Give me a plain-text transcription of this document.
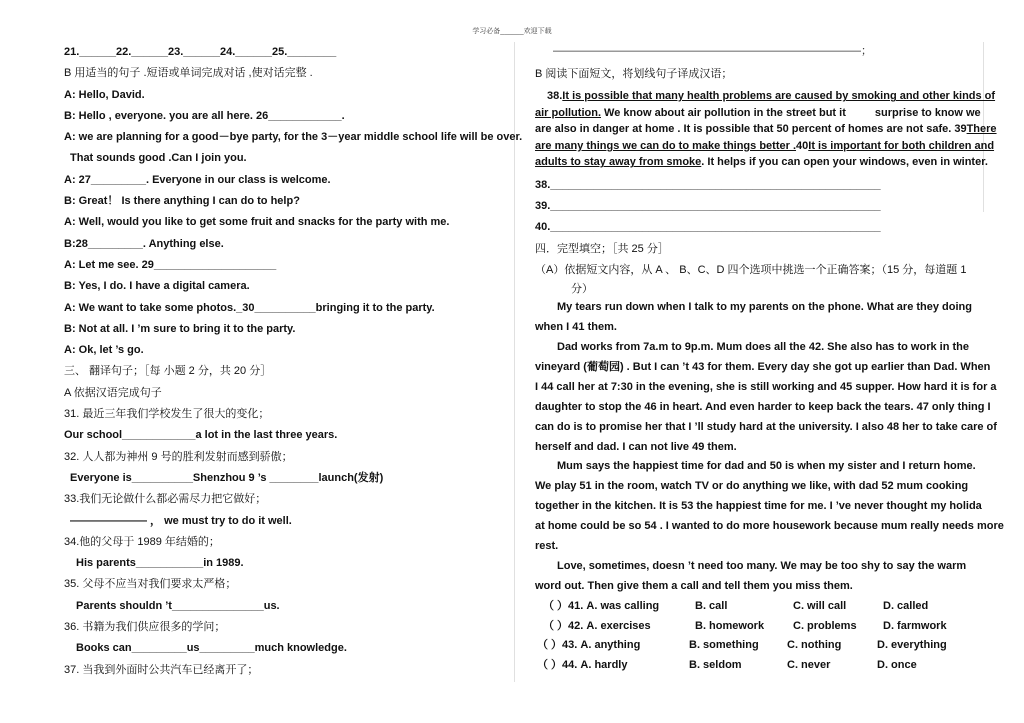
学习必备______欢迎下载
21.______22.______23.______24.______25.________
B 用适当的句子 .短语或单词完成对话 ,使对话完整 .
A: Hello, David.
B: Hello , everyone. you are all here. 26____________.
A: we are planning for a good－bye party, for the 3－year middle school life will be over.
That sounds good .Can I join you.
A: 27_________. Everyone in our class is welcome.
B: Great！ Is there anything I can do to help?
A: Well, would you like to get some fruit and snacks for the party with me.
B:28_________. Anything else.
A: Let me see. 29____________________
B: Yes, I do. I have a digital camera.
A: We want to take some photos._30__________bringing it to the party.
B: Not at all. I ’m sure to bring it to the party.
A: Ok, let ’s go.
三、 翻译句子；［每 小题 2 分，共 20 分］
A 依据汉语完成句子
31. 最近三年我们学校发生了很大的变化；
Our school____________a lot in the last three years.
32. 人人都为神州 9 号的胜利发射而感到骄傲；
Everyone is__________Shenzhou 9 ’s ________launch(发射)
33.我们无论做什么都必需尽力把它做好；
——————— ， we must try to do it well.
34.他的父母于 1989 年结婚的；
His parents___________in 1989.
35. 父母不应当对我们要求太严格；
Parents shouldn ’t_______________us.
36. 书籍为我们供应很多的学问；
Books can_________us_________much knowledge.
37. 当我到外面时公共汽车已经离开了；
————————————————————————————；
B 阅读下面短文，将划线句子译成汉语；
38.It is possible that many health problems are caused by smoking and other kinds of
air pollution. We know about air pollution in the street but it surprise to know we
are also in danger at home . It is possible that 50 percent of homes are not safe. 39There
are many things we can do to make things better .40It is important for both children and
adults to stay away from smoke. It helps if you can open your windows, even in winter.
38.______________________________________________________
39.______________________________________________________
40.______________________________________________________
四．完型填空；［共 25 分］
（A）依据短文内容，从 A 、 B、C、D 四个选项中挑选一个正确答案；（15 分，每道题 1
分）
My tears run down when I talk to my parents on the phone. What are they doing
when I 41 them.
Dad works from 7a.m to 9p.m. Mum does all the 42. She also has to work in the
vineyard (葡萄园) . But I can ’t 43 for them. Every day she got up earlier than Dad. When
I 44 call her at 7:30 in the evening, she is still working and 45 supper. How hard it is for a
daughter to stop the 46 in heart. And even harder to keep back the tears. 47 only thing I
can do is to promise her that I ’ll study hard at the university. I also 48 her to take care of
herself and dad. I can not live 49 them.
Mum says the happiest time for dad and 50 is when my sister and I return home.
We play 51 in the room, watch TV or do anything we like, with dad 52 mum cooking
together in the kitchen. It is 53 the happiest time for me. I ’ve never thought my holida
at home could be so 54 . I wanted to do more housework because mum really needs more
rest.
Love, sometimes, doesn ’t need too many. We may be too shy to say the warm
word out. Then give them a call and tell them you miss them.
（ ）41. A. was calling	B. call	C. will call	D. called
（ ）42. A. exercises	B. homework	C. problems D. farmwork
（ ）43. A. anything	B. something	C. nothing	D. everything
（ ）44. A. hardly	B. seldom	C. never	D. once
